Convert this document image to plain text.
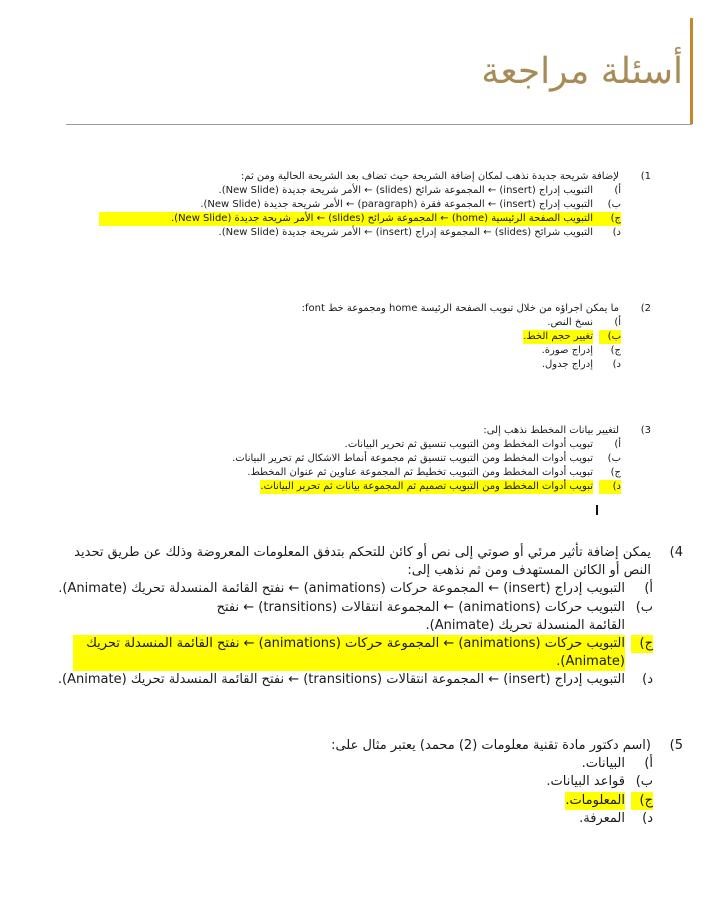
أسئلة مراجعة
1)
لإضافة شريحة جديدة نذهب لمكان إضافة الشريحة حيث تضاف بعد الشريحة الحالية ومن ثم:
أ)
التبويب إدراج (insert) ← المجموعة شرائح (slides) ← الأمر شريحة جديدة (New Slide).
ب)
التبويب إدراج (insert) ← المجموعة فقرة (paragraph) ← الأمر شريحة جديدة (New Slide).
ج)
التبويب الصفحة الرئيسية (home) ← المجموعة شرائح (slides) ← الأمر شريحة جديدة (New Slide).
د)
التبويب شرائح (slides) ← المجموعة إدراج (insert) ← الأمر شريحة جديدة (New Slide).
2)
ما يمكن اجراؤه من خلال تبويب الصفحة الرئيسة home ومجموعة خط font:
أ)
نسخ النص.
ب)
تغيير حجم الخط.
ج)
إدراج صورة.
د)
إدراج جدول.
3)
لتغيير بيانات المخطط نذهب إلى:
أ)
تبويب أدوات المخطط ومن التبويب تنسيق ثم تحرير البيانات.
ب)
تبويب أدوات المخطط ومن التبويب تنسيق ثم مجموعة أنماط الاشكال ثم تحرير البيانات.
ج)
تبويب أدوات المخطط ومن التبويب تخطيط ثم المجموعة عناوين ثم عنوان المخطط.
د)
تبويب أدوات المخطط ومن التبويب تصميم ثم المجموعة بيانات ثم تحرير البيانات.
4)
يمكن إضافة تأثير مرئي أو صوتي إلى نص أو كائن للتحكم بتدفق المعلومات المعروضة وذلك عن طريق تحديد النص أو الكائن المستهدف ومن ثم نذهب إلى:
أ)
التبويب إدراج (insert) ← المجموعة حركات (animations) ← نفتح القائمة المنسدلة تحريك (Animate).
ب)
التبويب حركات (animations) ← المجموعة انتقالات (transitions) ← نفتح القائمة المنسدلة تحريك (Animate).
ج)
التبويب حركات (animations) ← المجموعة حركات (animations) ← نفتح القائمة المنسدلة تحريك (Animate).
د)
التبويب إدراج (insert) ← المجموعة انتقالات (transitions) ← نفتح القائمة المنسدلة تحريك (Animate).
5)
(اسم دكتور مادة تقنية معلومات (2) محمد) يعتبر مثال على:
أ)
البيانات.
ب)
قواعد البيانات.
ج)
المعلومات.
د)
المعرفة.
